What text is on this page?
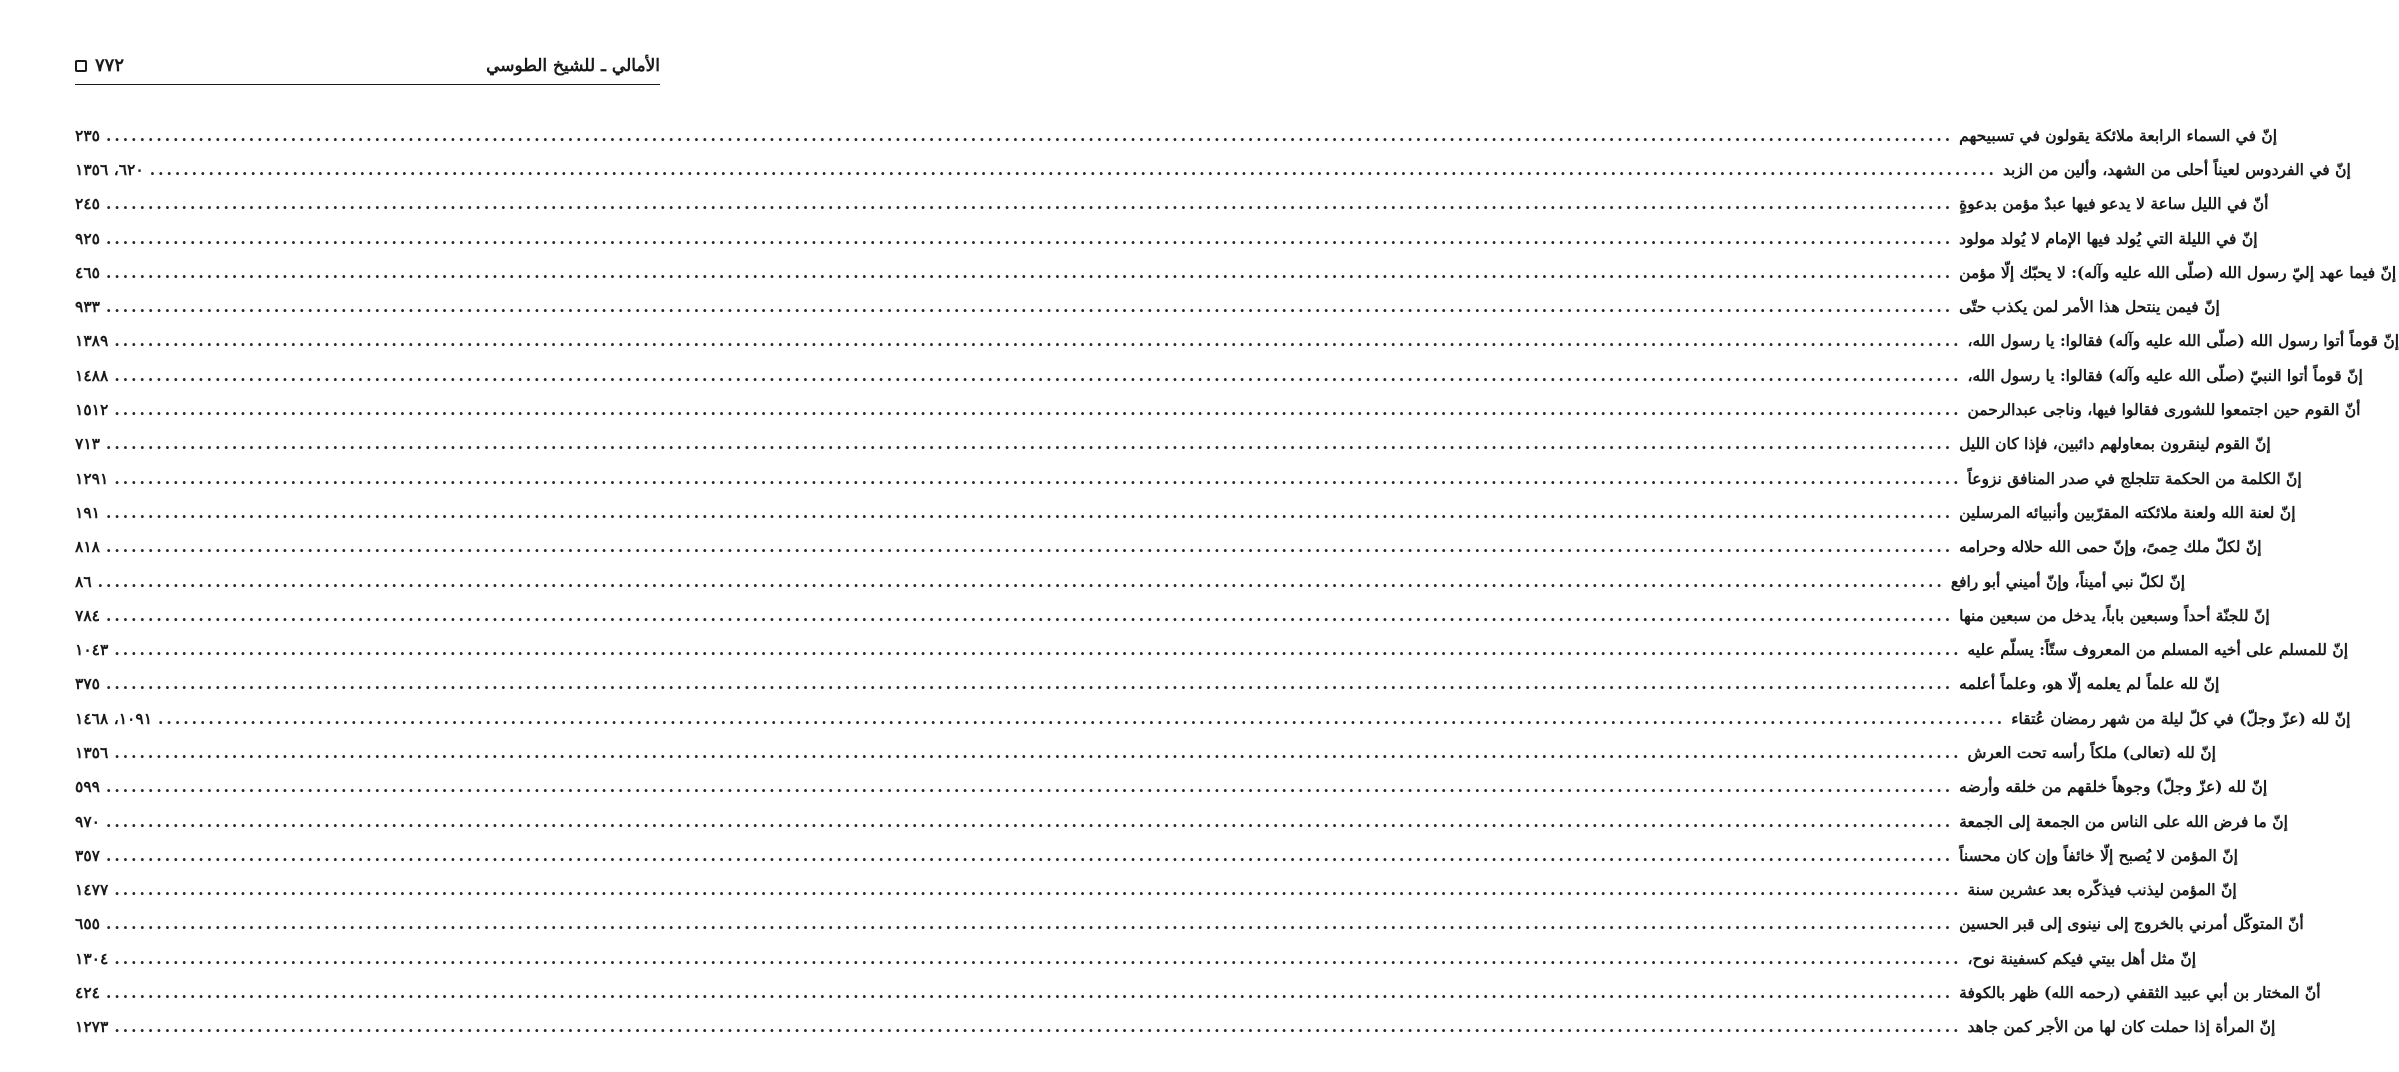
٧٧٢	الأمالي ـ للشيخ الطوسي
٢٣٥ ............................................................................................................................................................................................................................ إنّ في السماء الرابعة ملائكة يقولون في تسبيحهم
٦٢٠، ١٣٥٦ ............................................................................................................................................................................................................................ إنّ في الفردوس لعيناً أحلى من الشهد، وألين من الزبد
٢٤٥ ............................................................................................................................................................................................................................ أنّ في الليل ساعة لا يدعو فيها عبدٌ مؤمن بدعوةٍ
٩٢٥ ............................................................................................................................................................................................................................ إنّ في الليلة التي يُولد فيها الإمام لا يُولد مولود
٤٦٥ ............................................................................................................................................................................................................................ إنّ فيما عهد إليّ رسول الله (صلّى الله عليه وآله): لا يحبّك إلّا مؤمن
٩٣٣ ............................................................................................................................................................................................................................ إنّ فيمن ينتحل هذا الأمر لمن يكذب حتّى
١٣٨٩ ............................................................................................................................................................................................................................ إنّ قوماً أتوا رسول الله (صلّى الله عليه وآله) فقالوا: يا رسول الله،
١٤٨٨ ............................................................................................................................................................................................................................ إنّ قوماً أتوا النبيّ (صلّى الله عليه وآله) فقالوا: يا رسول الله،
١٥١٢ ............................................................................................................................................................................................................................ أنّ القوم حين اجتمعوا للشورى فقالوا فيها، وناجى عبدالرحمن
٧١٣ ............................................................................................................................................................................................................................ إنّ القوم لينقرون بمعاولهم دائبين، فإذا كان الليل
١٢٩١ ............................................................................................................................................................................................................................ إنّ الكلمة من الحكمة تتلجلج في صدر المنافق نزوعاً
١٩١ ............................................................................................................................................................................................................................ إنّ لعنة الله ولعنة ملائكته المقرّبين وأنبيائه المرسلين
٨١٨ ............................................................................................................................................................................................................................ إنّ لكلّ ملك حِمىً، وإنّ حمى الله حلاله وحرامه
٨٦ ............................................................................................................................................................................................................................ إنّ لكلّ نبي أميناً، وإنّ أميني أبو رافع
٧٨٤ ............................................................................................................................................................................................................................ إنّ للجنّة أحداً وسبعين باباً، يدخل من سبعين منها
١٠٤٣ ............................................................................................................................................................................................................................ إنّ للمسلم على أخيه المسلم من المعروف ستّاً: يسلّم عليه
٣٧٥ ............................................................................................................................................................................................................................ إنّ لله علماً لم يعلمه إلّا هو، وعلماً أعلمه
١٠٩١، ١٤٦٨ ............................................................................................................................................................................................................................ إنّ لله (عزّ وجلّ) في كلّ ليلة من شهر رمضان عُتقاء
١٣٥٦ ............................................................................................................................................................................................................................ إنّ لله (تعالى) ملكاً رأسه تحت العرش
٥٩٩ ............................................................................................................................................................................................................................ إنّ لله (عزّ وجلّ) وجوهاً خلقهم من خلقه وأرضه
٩٧٠ ............................................................................................................................................................................................................................ إنّ ما فرض الله على الناس من الجمعة إلى الجمعة
٣٥٧ ............................................................................................................................................................................................................................ إنّ المؤمن لا يُصبح إلّا خائفاً وإن كان محسناً
١٤٧٧ ............................................................................................................................................................................................................................ إنّ المؤمن ليذنب فيذكّره بعد عشرين سنة
٦٥٥ ............................................................................................................................................................................................................................ أنّ المتوكّل أمرني بالخروج إلى نينوى إلى قبر الحسين
١٣٠٤ ............................................................................................................................................................................................................................ إنّ مثل أهل بيتي فيكم كسفينة نوح،
٤٢٤ ............................................................................................................................................................................................................................ أنّ المختار بن أبي عبيد الثقفي (رحمه الله) ظهر بالكوفة
١٢٧٣ ............................................................................................................................................................................................................................ إنّ المرأة إذا حملت كان لها من الأجر كمن جاهد
